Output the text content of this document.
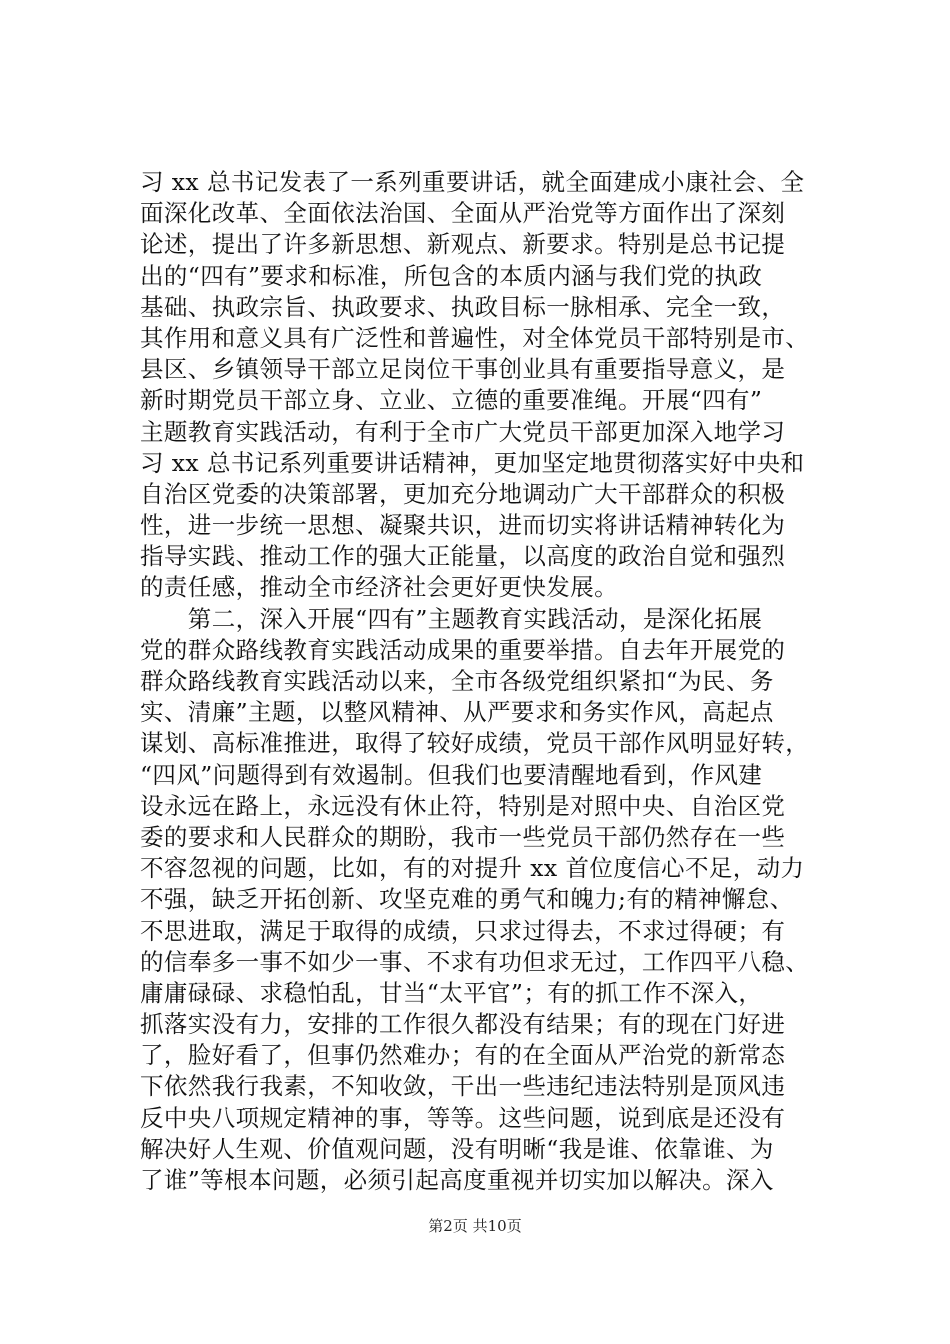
习 xx 总书记发表了一系列重要讲话，就全面建成小康社会、全
面深化改革、全面依法治国、全面从严治党等方面作出了深刻
论述，提出了许多新思想、新观点、新要求。特别是总书记提
出的“四有”要求和标准，所包含的本质内涵与我们党的执政
基础、执政宗旨、执政要求、执政目标一脉相承、完全一致，
其作用和意义具有广泛性和普遍性，对全体党员干部特别是市、
县区、乡镇领导干部立足岗位干事创业具有重要指导意义，是
新时期党员干部立身、立业、立德的重要准绳。开展“四有”
主题教育实践活动，有利于全市广大党员干部更加深入地学习
习 xx 总书记系列重要讲话精神，更加坚定地贯彻落实好中央和
自治区党委的决策部署，更加充分地调动广大干部群众的积极
性，进一步统一思想、凝聚共识，进而切实将讲话精神转化为
指导实践、推动工作的强大正能量，以高度的政治自觉和强烈
的责任感，推动全市经济社会更好更快发展。
　　第二，深入开展“四有”主题教育实践活动，是深化拓展
党的群众路线教育实践活动成果的重要举措。自去年开展党的
群众路线教育实践活动以来，全市各级党组织紧扣“为民、务
实、清廉”主题，以整风精神、从严要求和务实作风，高起点
谋划、高标准推进，取得了较好成绩，党员干部作风明显好转，
“四风”问题得到有效遏制。但我们也要清醒地看到，作风建
设永远在路上，永远没有休止符，特别是对照中央、自治区党
委的要求和人民群众的期盼，我市一些党员干部仍然存在一些
不容忽视的问题，比如，有的对提升 xx 首位度信心不足，动力
不强，缺乏开拓创新、攻坚克难的勇气和魄力;有的精神懈怠、
不思进取，满足于取得的成绩，只求过得去，不求过得硬；有
的信奉多一事不如少一事、不求有功但求无过，工作四平八稳、
庸庸碌碌、求稳怕乱，甘当“太平官”；有的抓工作不深入，
抓落实没有力，安排的工作很久都没有结果；有的现在门好进
了，脸好看了，但事仍然难办；有的在全面从严治党的新常态
下依然我行我素，不知收敛，干出一些违纪违法特别是顶风违
反中央八项规定精神的事，等等。这些问题，说到底是还没有
解决好人生观、价值观问题，没有明晰“我是谁、依靠谁、为
了谁”等根本问题，必须引起高度重视并切实加以解决。深入
第2页 共10页
